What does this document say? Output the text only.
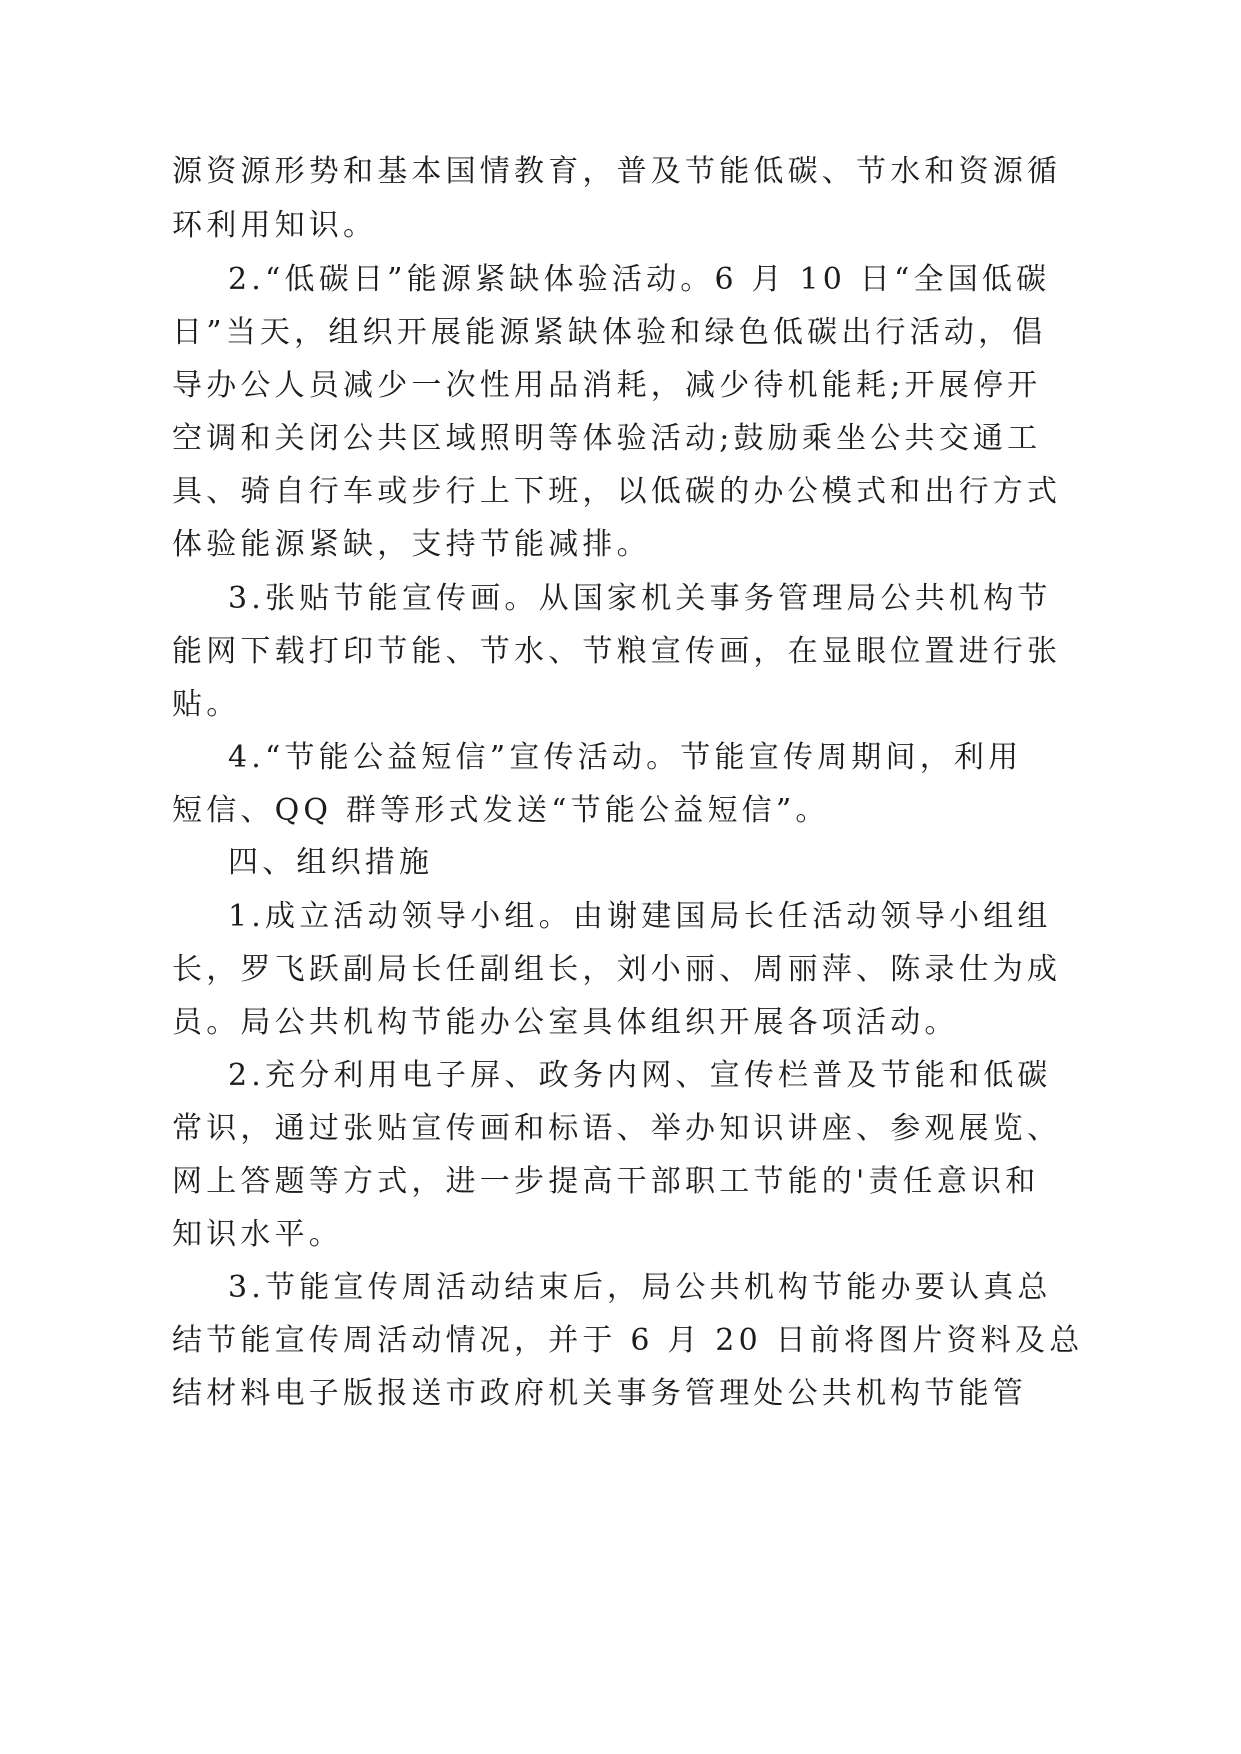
源资源形势和基本国情教育，普及节能低碳、节水和资源循

环利用知识。

2.“低碳日”能源紧缺体验活动。6 月 10 日“全国低碳

日”当天，组织开展能源紧缺体验和绿色低碳出行活动，倡

导办公人员减少一次性用品消耗，减少待机能耗;开展停开

空调和关闭公共区域照明等体验活动;鼓励乘坐公共交通工

具、骑自行车或步行上下班，以低碳的办公模式和出行方式

体验能源紧缺，支持节能减排。

3.张贴节能宣传画。从国家机关事务管理局公共机构节

能网下载打印节能、节水、节粮宣传画，在显眼位置进行张

贴。

4.“节能公益短信”宣传活动。节能宣传周期间，利用

短信、QQ 群等形式发送“节能公益短信”。

四、组织措施

1.成立活动领导小组。由谢建国局长任活动领导小组组

长，罗飞跃副局长任副组长，刘小丽、周丽萍、陈录仕为成

员。局公共机构节能办公室具体组织开展各项活动。

2.充分利用电子屏、政务内网、宣传栏普及节能和低碳

常识，通过张贴宣传画和标语、举办知识讲座、参观展览、

网上答题等方式，进一步提高干部职工节能的'责任意识和

知识水平。

3.节能宣传周活动结束后，局公共机构节能办要认真总

结节能宣传周活动情况，并于 6 月 20 日前将图片资料及总

结材料电子版报送市政府机关事务管理处公共机构节能管
